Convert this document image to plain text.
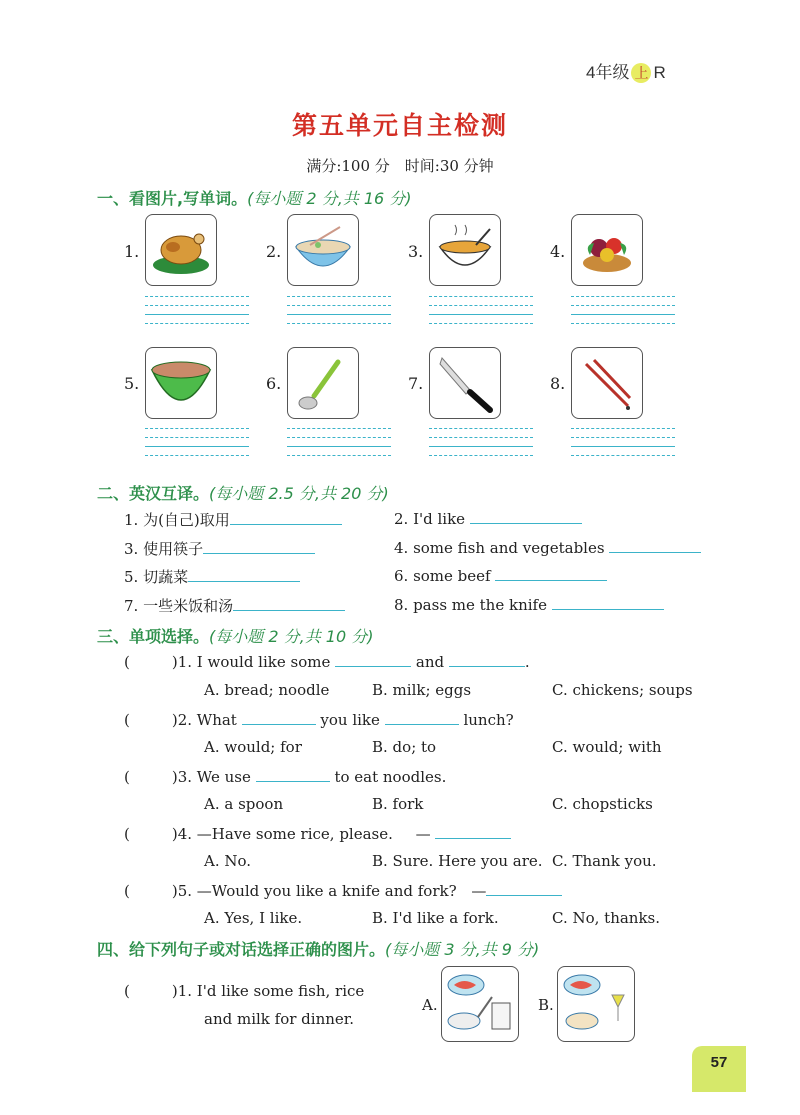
4年级 上 R
第五单元自主检测
满分:100 分　时间:30 分钟
一、看图片,写单词。(每小题 2 分,共 16 分)
1.	2.	3.	4.
5.	6.	7.	8.
二、英汉互译。(每小题 2.5 分,共 20 分)
1. 为(自己)取用	2. I'd like
3. 使用筷子	4. some fish and vegetables
5. 切蔬菜	6. some beef
7. 一些米饭和汤	8. pass me the knife
三、单项选择。(每小题 2 分,共 10 分)
(	)1. I would like some	and	.
A. bread; noodle	B. milk; eggs	C. chickens; soups
(	)2. What	you like	lunch?
A. would; for	B. do; to	C. would; with
(	)3. We use	to eat noodles.
A. a spoon	B. fork	C. chopsticks
(	)4. —Have some rice, please. —
A. No.	B. Sure. Here you are. C. Thank you.
(	)5. —Would you like a knife and fork? —
A. Yes, I like.	B. I'd like a fork.	C. No, thanks.
四、给下列句子或对话选择正确的图片。(每小题 3 分,共 9 分)
(	)1. I'd like some fish, rice
and milk for dinner.
A.	B.
57
